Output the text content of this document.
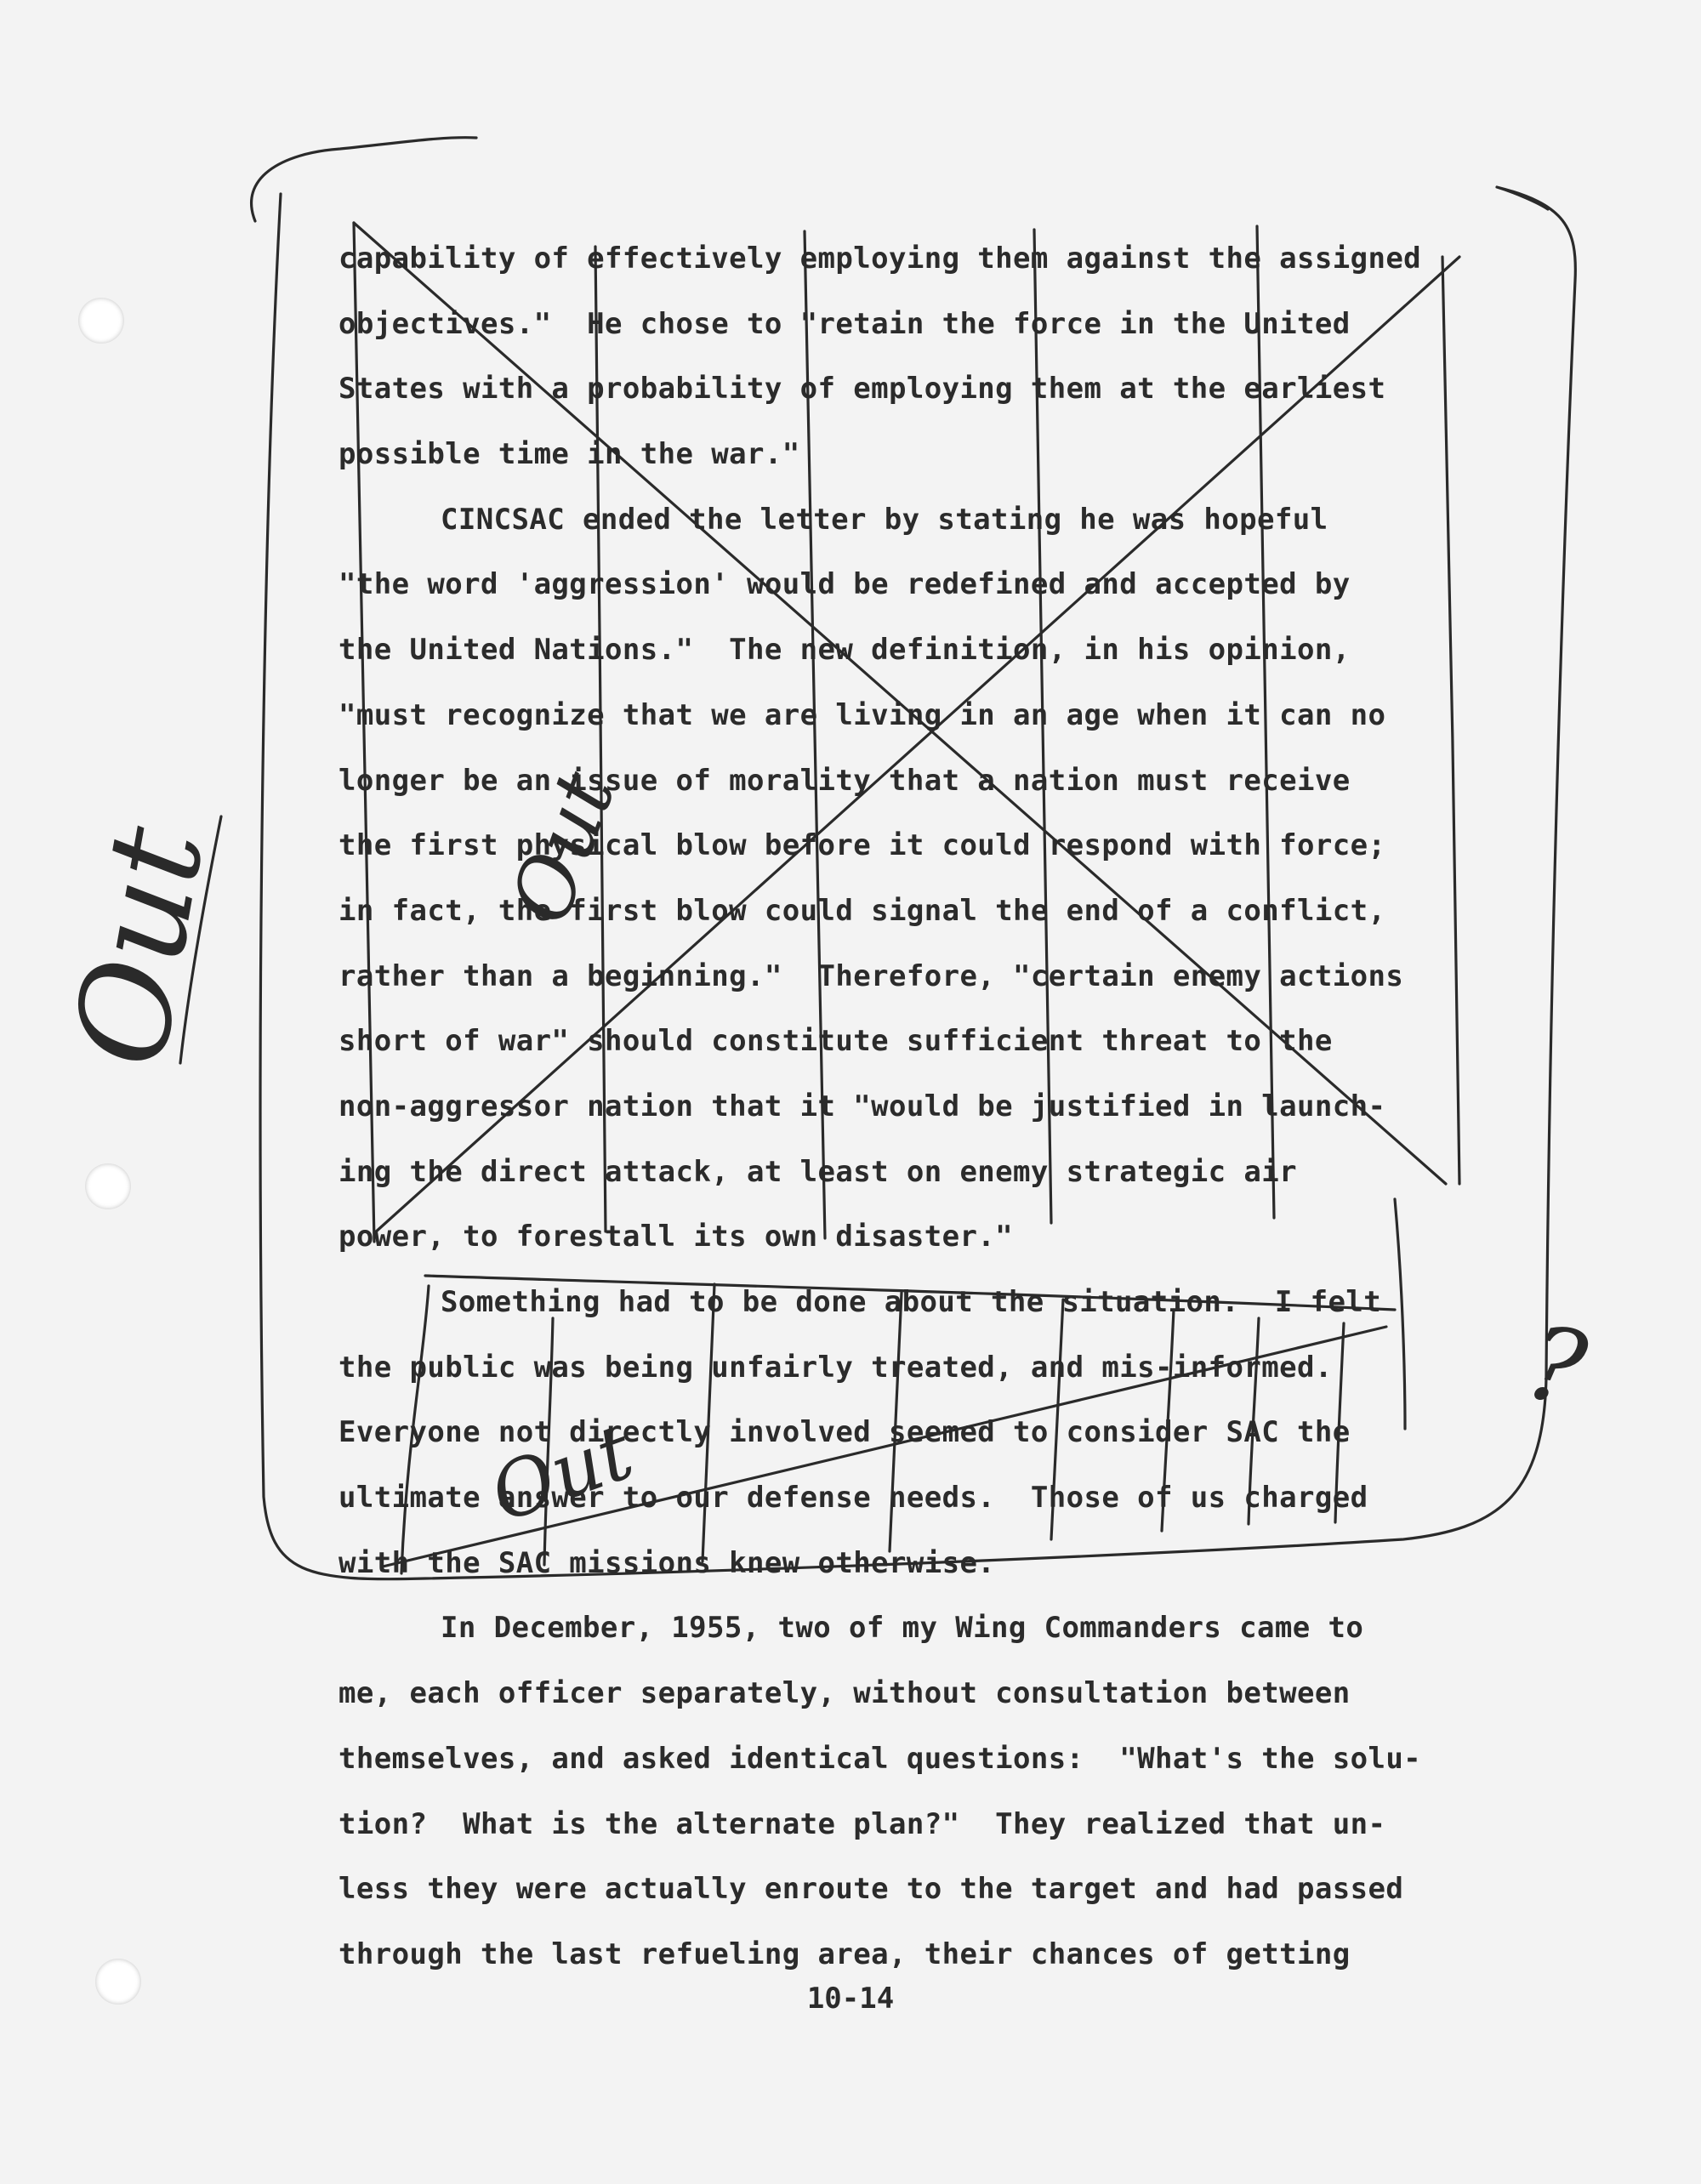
capability of effectively employing them against the assigned
objectives."  He chose to "retain the force in the United
States with a probability of employing them at the earliest
possible time in the war."
CINCSAC ended the letter by stating he was hopeful
"the word 'aggression' would be redefined and accepted by
the United Nations."  The new definition, in his opinion,
"must recognize that we are living in an age when it can no
longer be an issue of morality that a nation must receive
the first physical blow before it could respond with force;
in fact, the first blow could signal the end of a conflict,
rather than a beginning."  Therefore, "certain enemy actions
short of war" should constitute sufficient threat to the
non-aggressor nation that it "would be justified in launch-
ing the direct attack, at least on enemy strategic air
power, to forestall its own disaster."
Something had to be done about the situation.  I felt
the public was being unfairly treated, and mis-informed.
Everyone not directly involved seemed to consider SAC the
ultimate answer to our defense needs.  Those of us charged
with the SAC missions knew otherwise.
In December, 1955, two of my Wing Commanders came to
me, each officer separately, without consultation between
themselves, and asked identical questions:  "What's the solu-
tion?  What is the alternate plan?"  They realized that un-
less they were actually enroute to the target and had passed
through the last refueling area, their chances of getting
10-14
Out	Out
Out
?
